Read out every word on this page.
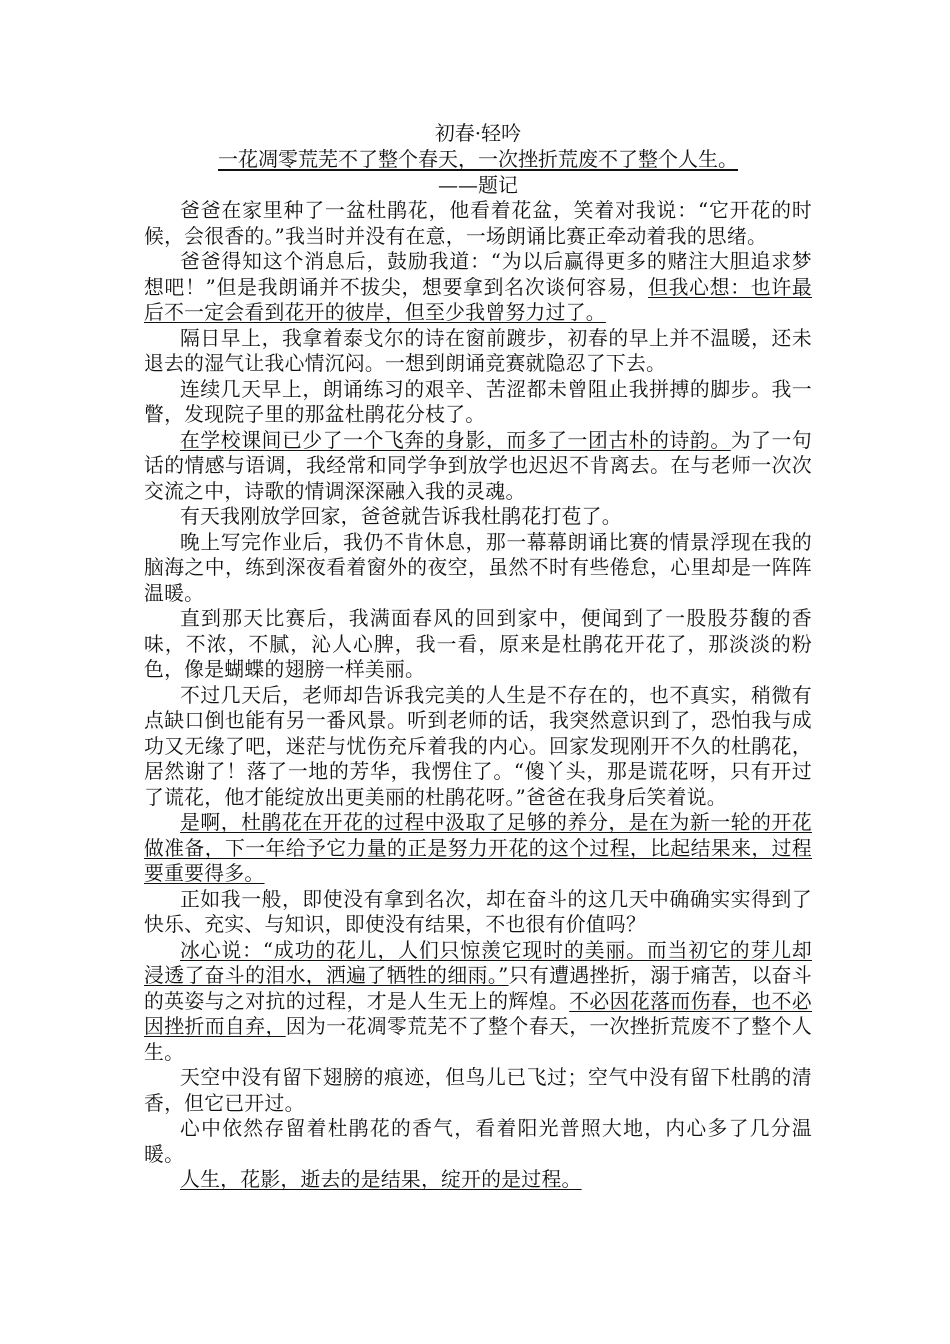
初春·轻吟

一花凋零荒芜不了整个春天，一次挫折荒废不了整个人生。

——题记

爸爸在家里种了一盆杜鹃花，他看着花盆，笑着对我说：“它开花的时候，会很香的。”我当时并没有在意，一场朗诵比赛正牵动着我的思绪。

爸爸得知这个消息后，鼓励我道：“为以后赢得更多的赌注大胆追求梦想吧！”但是我朗诵并不拔尖，想要拿到名次谈何容易，但我心想：也许最后不一定会看到花开的彼岸，但至少我曾努力过了。

隔日早上，我拿着泰戈尔的诗在窗前踱步，初春的早上并不温暖，还未退去的湿气让我心情沉闷。一想到朗诵竞赛就隐忍了下去。

连续几天早上，朗诵练习的艰辛、苦涩都未曾阻止我拼搏的脚步。我一瞥，发现院子里的那盆杜鹃花分枝了。

在学校课间已少了一个飞奔的身影，而多了一团古朴的诗韵。为了一句话的情感与语调，我经常和同学争到放学也迟迟不肯离去。在与老师一次次交流之中，诗歌的情调深深融入我的灵魂。

有天我刚放学回家，爸爸就告诉我杜鹃花打苞了。

晚上写完作业后，我仍不肯休息，那一幕幕朗诵比赛的情景浮现在我的脑海之中，练到深夜看着窗外的夜空，虽然不时有些倦怠，心里却是一阵阵温暖。

直到那天比赛后，我满面春风的回到家中，便闻到了一股股芬馥的香味，不浓，不腻，沁人心脾，我一看，原来是杜鹃花开花了，那淡淡的粉色，像是蝴蝶的翅膀一样美丽。

不过几天后，老师却告诉我完美的人生是不存在的，也不真实，稍微有点缺口倒也能有另一番风景。听到老师的话，我突然意识到了，恐怕我与成功又无缘了吧，迷茫与忧伤充斥着我的内心。回家发现刚开不久的杜鹃花，居然谢了！落了一地的芳华，我愣住了。“傻丫头，那是谎花呀，只有开过了谎花，他才能绽放出更美丽的杜鹃花呀。”爸爸在我身后笑着说。

是啊，杜鹃花在开花的过程中汲取了足够的养分，是在为新一轮的开花做准备，下一年给予它力量的正是努力开花的这个过程，比起结果来，过程要重要得多。

正如我一般，即使没有拿到名次，却在奋斗的这几天中确确实实得到了快乐、充实、与知识，即使没有结果，不也很有价值吗？

冰心说：“成功的花儿，人们只惊羡它现时的美丽。而当初它的芽儿却浸透了奋斗的泪水，洒遍了牺牲的细雨。”只有遭遇挫折，溺于痛苦，以奋斗的英姿与之对抗的过程，才是人生无上的辉煌。不必因花落而伤春，也不必因挫折而自弃，因为一花凋零荒芜不了整个春天，一次挫折荒废不了整个人生。

天空中没有留下翅膀的痕迹，但鸟儿已飞过；空气中没有留下杜鹃的清香，但它已开过。

心中依然存留着杜鹃花的香气，看着阳光普照大地，内心多了几分温暖。

人生，花影，逝去的是结果，绽开的是过程。
